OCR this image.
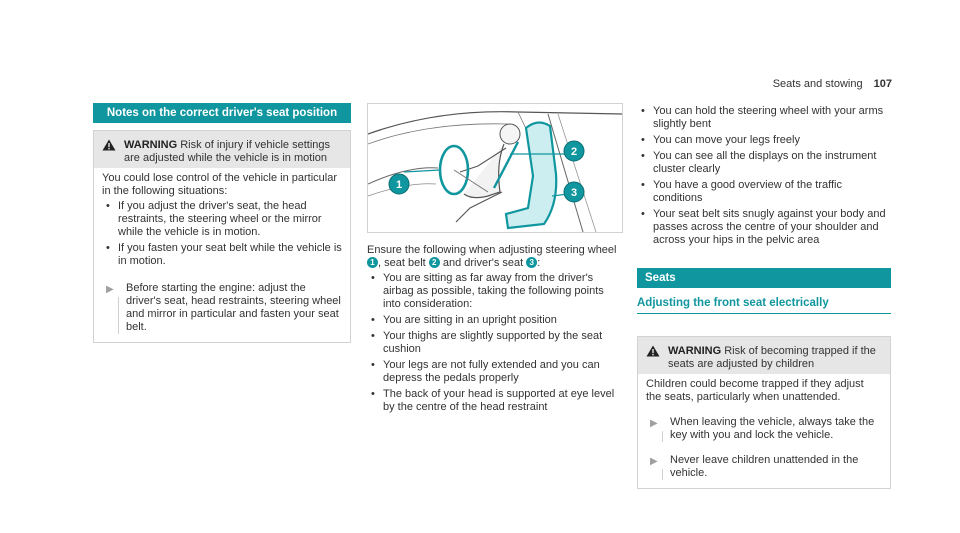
Seats and stowing 107
Notes on the correct driver's seat position

WARNING Risk of injury if vehicle settings are adjusted while the vehicle is in motion

You could lose control of the vehicle in particular in the following situations:

• If you adjust the driver's seat, the head restraints, the steering wheel or the mirror while the vehicle is in motion.
• If you fasten your seat belt while the vehicle is in motion.
▶ Before starting the engine: adjust the driver's seat, head restraints, steering wheel and mirror in particular and fasten your seat belt.
1
2
3

Ensure the following when adjusting steering wheel 1 , seat belt 2 and driver's seat 3 :

• You are sitting as far away from the driver's airbag as possible, taking the following points into consideration:
• You are sitting in an upright position
• Your thighs are slightly supported by the seat cushion
• Your legs are not fully extended and you can depress the pedals properly
• The back of your head is supported at eye level by the centre of the head restraint
• You can hold the steering wheel with your arms slightly bent
• You can move your legs freely
• You can see all the displays on the instrument cluster clearly
• You have a good overview of the traffic conditions
• Your seat belt sits snugly against your body and passes across the centre of your shoulder and across your hips in the pelvic area
Seats
Adjusting the front seat electrically

WARNING Risk of becoming trapped if the seats are adjusted by children

Children could become trapped if they adjust the seats, particularly when unattended.

▶ When leaving the vehicle, always take the key with you and lock the vehicle.
▶ Never leave children unattended in the vehicle.
